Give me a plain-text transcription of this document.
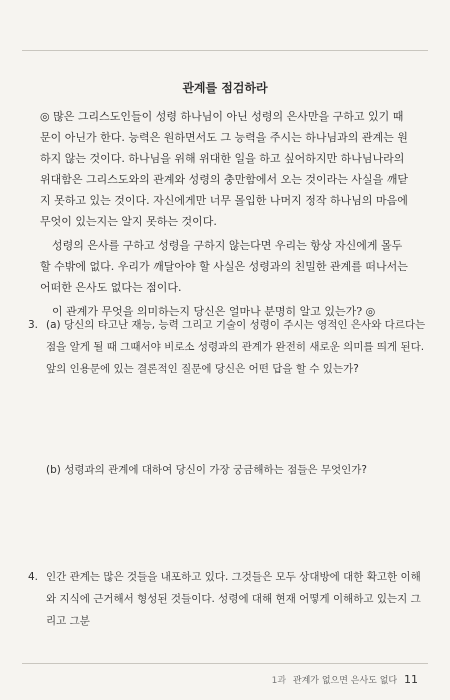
관계를 점검하라

◎ 많은 그리스도인들이 성령 하나님이 아닌 성령의 은사만을 구하고 있기 때문이 아닌가 한다. 능력은 원하면서도 그 능력을 주시는 하나님과의 관계는 원하지 않는 것이다. 하나님을 위해 위대한 일을 하고 싶어하지만 하나님나라의 위대함은 그리스도와의 관계와 성령의 충만함에서 오는 것이라는 사실을 깨닫지 못하고 있는 것이다. 자신에게만 너무 몰입한 나머지 정작 하나님의 마음에 무엇이 있는지는 알지 못하는 것이다.

성령의 은사를 구하고 성령을 구하지 않는다면 우리는 항상 자신에게 몰두할 수밖에 없다. 우리가 깨달아야 할 사실은 성령과의 친밀한 관계를 떠나서는 어떠한 은사도 없다는 점이다.

이 관계가 무엇을 의미하는지 당신은 얼마나 분명히 알고 있는가? ◎

3. (a) 당신의 타고난 재능, 능력 그리고 기술이 성령이 주시는 영적인 은사와 다르다는 점을 알게 될 때 그때서야 비로소 성령과의 관계가 완전히 새로운 의미를 띄게 된다. 앞의 인용문에 있는 결론적인 질문에 당신은 어떤 답을 할 수 있는가?
(b) 성령과의 관계에 대하여 당신이 가장 궁금해하는 점들은 무엇인가?
4. 인간 관계는 많은 것들을 내포하고 있다. 그것들은 모두 상대방에 대한 확고한 이해와 지식에 근거해서 형성된 것들이다. 성령에 대해 현재 어떻게 이해하고 있는지 그리고 그분
1과 관계가 없으면 은사도 없다 11
